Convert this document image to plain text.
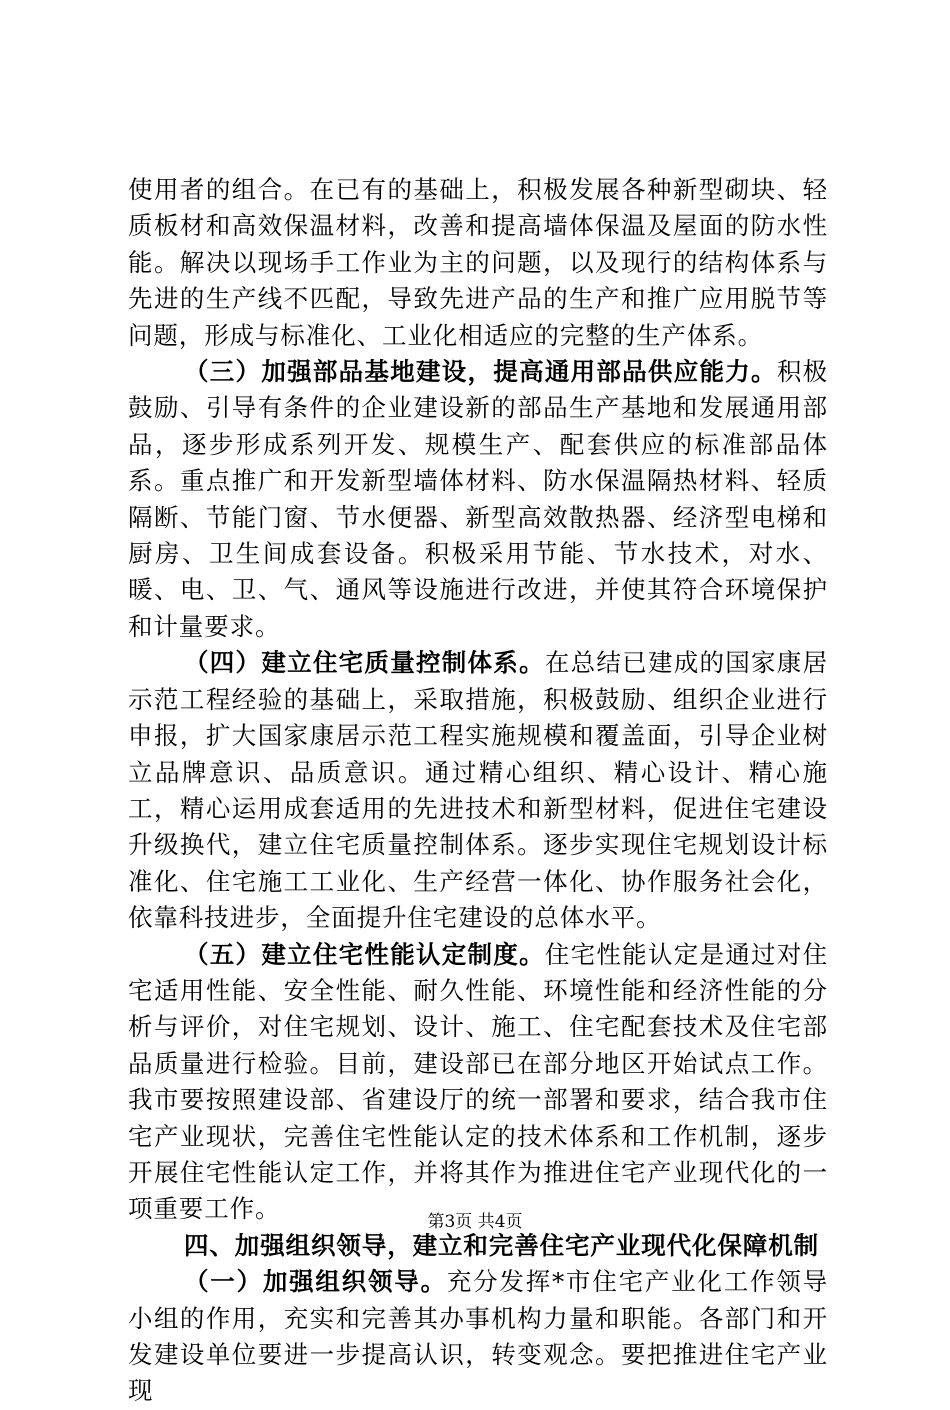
使用者的组合。在已有的基础上，积极发展各种新型砌块、轻质板材和高效保温材料，改善和提高墙体保温及屋面的防水性能。解决以现场手工作业为主的问题，以及现行的结构体系与先进的生产线不匹配，导致先进产品的生产和推广应用脱节等问题，形成与标准化、工业化相适应的完整的生产体系。

（三）加强部品基地建设，提高通用部品供应能力。积极鼓励、引导有条件的企业建设新的部品生产基地和发展通用部品，逐步形成系列开发、规模生产、配套供应的标准部品体系。重点推广和开发新型墙体材料、防水保温隔热材料、轻质隔断、节能门窗、节水便器、新型高效散热器、经济型电梯和厨房、卫生间成套设备。积极采用节能、节水技术，对水、暖、电、卫、气、通风等设施进行改进，并使其符合环境保护和计量要求。

（四）建立住宅质量控制体系。在总结已建成的国家康居示范工程经验的基础上，采取措施，积极鼓励、组织企业进行申报，扩大国家康居示范工程实施规模和覆盖面，引导企业树立品牌意识、品质意识。通过精心组织、精心设计、精心施工，精心运用成套适用的先进技术和新型材料，促进住宅建设升级换代，建立住宅质量控制体系。逐步实现住宅规划设计标准化、住宅施工工业化、生产经营一体化、协作服务社会化，依靠科技进步，全面提升住宅建设的总体水平。

（五）建立住宅性能认定制度。住宅性能认定是通过对住宅适用性能、安全性能、耐久性能、环境性能和经济性能的分析与评价，对住宅规划、设计、施工、住宅配套技术及住宅部品质量进行检验。目前，建设部已在部分地区开始试点工作。我市要按照建设部、省建设厅的统一部署和要求，结合我市住宅产业现状，完善住宅性能认定的技术体系和工作机制，逐步开展住宅性能认定工作，并将其作为推进住宅产业现代化的一项重要工作。

四、加强组织领导，建立和完善住宅产业现代化保障机制

（一）加强组织领导。充分发挥*市住宅产业化工作领导小组的作用，充实和完善其办事机构力量和职能。各部门和开发建设单位要进一步提高认识，转变观念。要把推进住宅产业现

第3页 共4页
